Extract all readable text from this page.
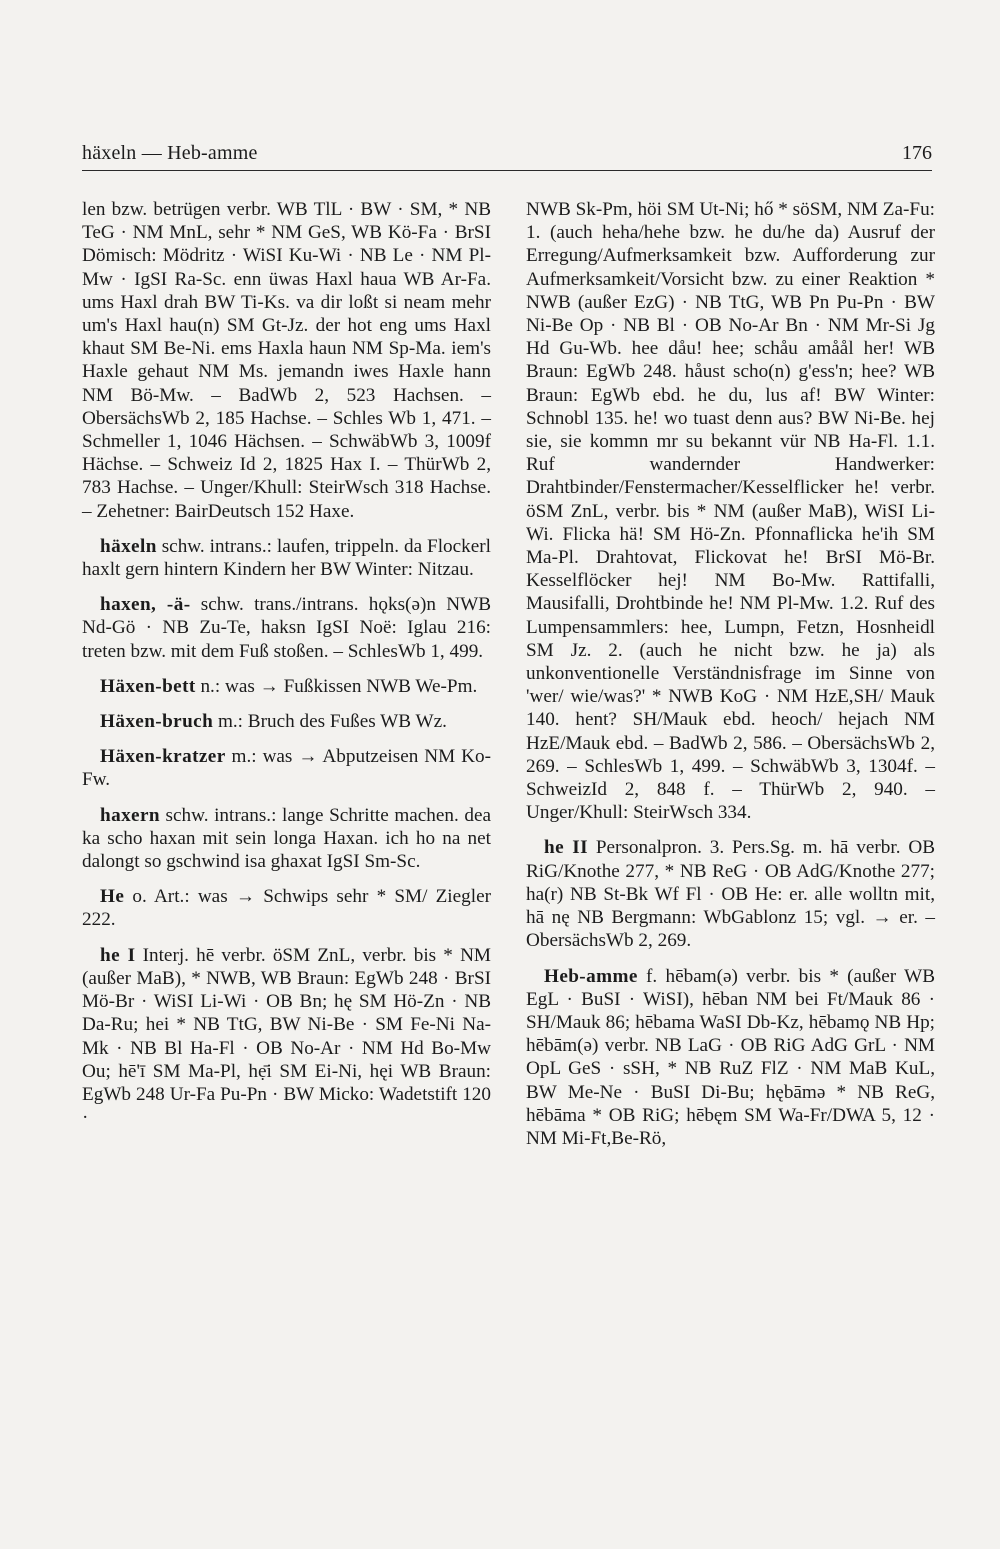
häxeln — Heb-amme	176

len bzw. betrügen verbr. WB TlL · BW · SM, * NB TeG · NM MnL, sehr * NM GeS, WB Kö-Fa · BrSI Dömisch: Mödritz · WiSI Ku-Wi · NB Le · NM Pl-Mw · IgSI Ra-Sc. enn üwas Haxl haua WB Ar-Fa. ums Haxl drah BW Ti-Ks. va dir loßt si neam mehr um's Haxl hau(n) SM Gt-Jz. der hot eng ums Haxl khaut SM Be-Ni. ems Haxla haun NM Sp-Ma. iem's Haxle gehaut NM Ms. jemandn iwes Haxle hann NM Bö-Mw. – BadWb 2, 523 Hachsen. – ObersächsWb 2, 185 Hachse. – Schles Wb 1, 471. – Schmeller 1, 1046 Hächsen. – SchwäbWb 3, 1009f Hächse. – Schweiz Id 2, 1825 Hax I. – ThürWb 2, 783 Hachse. – Unger/Khull: SteirWsch 318 Hachse. – Zehetner: BairDeutsch 152 Haxe.

häxeln schw. intrans.: laufen, trippeln. da Flockerl haxlt gern hintern Kindern her BW Winter: Nitzau.

haxen, -ä- schw. trans./intrans. hǫks(ə)n NWB Nd-Gö · NB Zu-Te, haksn IgSI Noë: Iglau 216: treten bzw. mit dem Fuß stoßen. – SchlesWb 1, 499.

Häxen-bett n.: was → Fußkissen NWB We-Pm.

Häxen-bruch m.: Bruch des Fußes WB Wz.

Häxen-kratzer m.: was → Abputzeisen NM Ko-Fw.

haxern schw. intrans.: lange Schritte machen. dea ka scho haxan mit sein longa Haxan. ich ho na net dalongt so gschwind isa ghaxat IgSI Sm-Sc.

He o. Art.: was → Schwips sehr * SM/ Ziegler 222.

he I Interj. hē verbr. öSM ZnL, verbr. bis * NM (außer MaB), * NWB, WB Braun: EgWb 248 · BrSI Mö-Br · WiSI Li-Wi · OB Bn; hę SM Hö-Zn · NB Da-Ru; hei * NB TtG, BW Ni-Be · SM Fe-Ni Na-Mk · NB Bl Ha-Fl · OB No-Ar · NM Hd Bo-Mw Ou; hē'ī SM Ma-Pl, hẹ̄i SM Ei-Ni, hęi WB Braun: EgWb 248 Ur-Fa Pu-Pn · BW Micko: Wadetstift 120 ·

NWB Sk-Pm, höi SM Ut-Ni; hő * söSM, NM Za-Fu: 1. (auch heha/hehe bzw. he du/he da) Ausruf der Erregung/Aufmerksamkeit bzw. Aufforderung zur Aufmerksamkeit/Vorsicht bzw. zu einer Reaktion * NWB (außer EzG) · NB TtG, WB Pn Pu-Pn · BW Ni-Be Op · NB Bl · OB No-Ar Bn · NM Mr-Si Jg Hd Gu-Wb. hee dåu! hee; schåu amåål her! WB Braun: EgWb 248. håust scho(n) g'ess'n; hee? WB Braun: EgWb ebd. he du, lus af! BW Winter: Schnobl 135. he! wo tuast denn aus? BW Ni-Be. hej sie, sie kommn mr su bekannt vür NB Ha-Fl. 1.1. Ruf wandernder Handwerker: Drahtbinder/Fenstermacher/Kesselflicker he! verbr. öSM ZnL, verbr. bis * NM (außer MaB), WiSI Li-Wi. Flicka hä! SM Hö-Zn. Pfonnaflicka he'ih SM Ma-Pl. Drahtovat, Flickovat he! BrSI Mö-Br. Kesselflöcker hej! NM Bo-Mw. Rattifalli, Mausifalli, Drohtbinde he! NM Pl-Mw. 1.2. Ruf des Lumpensammlers: hee, Lumpn, Fetzn, Hosnheidl SM Jz. 2. (auch he nicht bzw. he ja) als unkonventionelle Verständnisfrage im Sinne von 'wer/ wie/was?' * NWB KoG · NM HzE,SH/ Mauk 140. hent? SH/Mauk ebd. heoch/ hejach NM HzE/Mauk ebd. – BadWb 2, 586. – ObersächsWb 2, 269. – SchlesWb 1, 499. – SchwäbWb 3, 1304f. – SchweizId 2, 848 f. – ThürWb 2, 940. – Unger/Khull: SteirWsch 334.

he II Personalpron. 3. Pers.Sg. m. hā verbr. OB RiG/Knothe 277, * NB ReG · OB AdG/Knothe 277; ha(r) NB St-Bk Wf Fl · OB He: er. alle wolltn mit, hā nę NB Bergmann: WbGablonz 15; vgl. → er. – ObersächsWb 2, 269.

Heb-amme f. hēbam(ə) verbr. bis * (außer WB EgL · BuSI · WiSI), hēban NM bei Ft/Mauk 86 · SH/Mauk 86; hēbama WaSI Db-Kz, hēbamǫ NB Hp; hēbām(ə) verbr. NB LaG · OB RiG AdG GrL · NM OpL GeS · sSH, * NB RuZ FlZ · NM MaB KuL, BW Me-Ne · BuSI Di-Bu; hębāmə * NB ReG, hēbāma * OB RiG; hēbęm SM Wa-Fr/DWA 5, 12 · NM Mi-Ft,Be-Rö,
